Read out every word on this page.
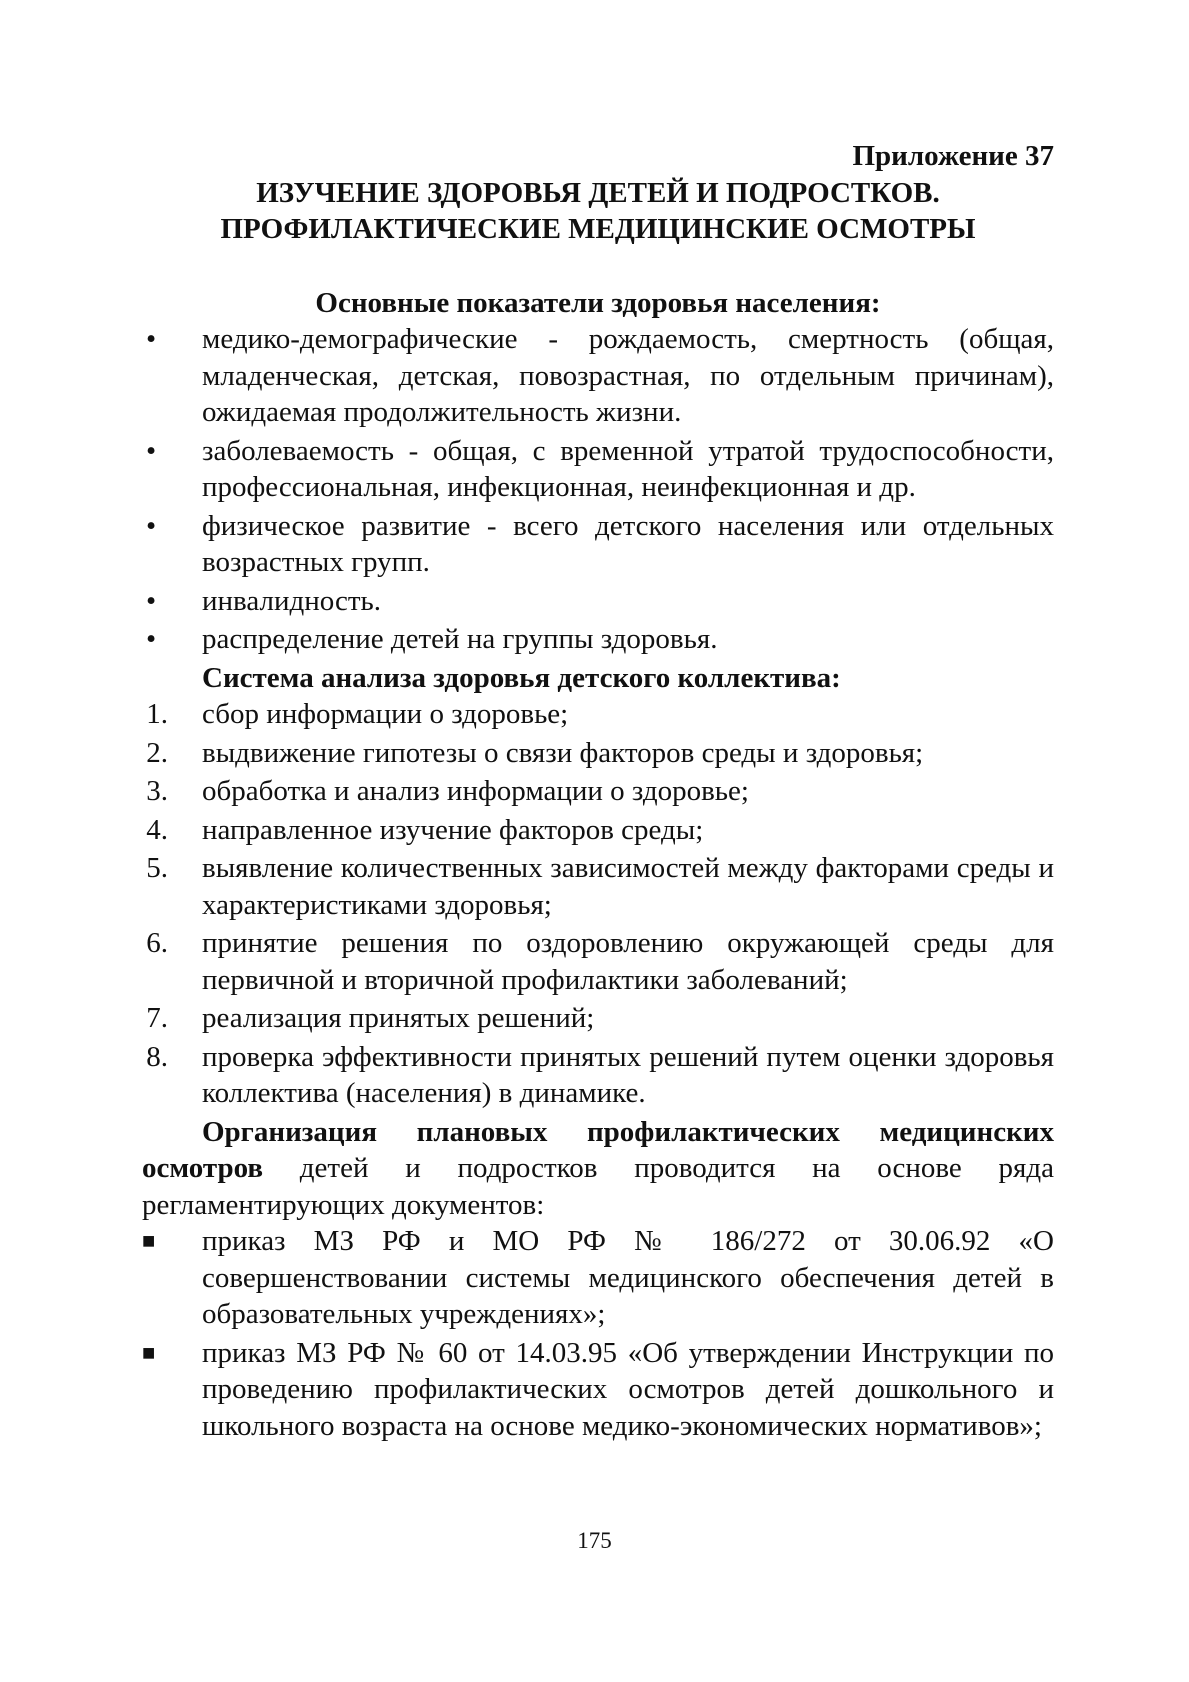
Приложение 37
ИЗУЧЕНИЕ ЗДОРОВЬЯ ДЕТЕЙ И ПОДРОСТКОВ.
ПРОФИЛАКТИЧЕСКИЕ МЕДИЦИНСКИЕ ОСМОТРЫ
Основные показатели здоровья населения:
•	медико-демографические - рождаемость, смертность (общая, младенческая, детская, повозрастная, по отдельным причинам), ожидаемая продолжительность жизни.
•	заболеваемость - общая, с временной утратой трудоспособности, профессиональная, инфекционная, неинфекционная и др.
•	физическое развитие - всего детского населения или отдельных возрастных групп.
•	инвалидность.
•	распределение детей на группы здоровья.
Система анализа здоровья детского коллектива:
1. сбор информации о здоровье;
2. выдвижение гипотезы о связи факторов среды и здоровья;
3. обработка и анализ информации о здоровье;
4. направленное изучение факторов среды;
5. выявление количественных зависимостей между факторами среды и характеристиками здоровья;
6. принятие решения по оздоровлению окружающей среды для первичной и вторичной профилактики заболеваний;
7. реализация принятых решений;
8. проверка эффективности принятых решений путем оценки здоровья коллектива (населения) в динамике.
Организация плановых профилактических медицинских осмотров детей и подростков проводится на основе ряда регламентирующих документов:
■	приказ МЗ РФ и МО РФ № 186/272 от 30.06.92 «О совершенствовании системы медицинского обеспечения детей в образовательных учреждениях»;
■	приказ МЗ РФ № 60 от 14.03.95 «Об утверждении Инструкции по проведению профилактических осмотров детей дошкольного и школьного возраста на основе медико-экономических нормативов»;
175
